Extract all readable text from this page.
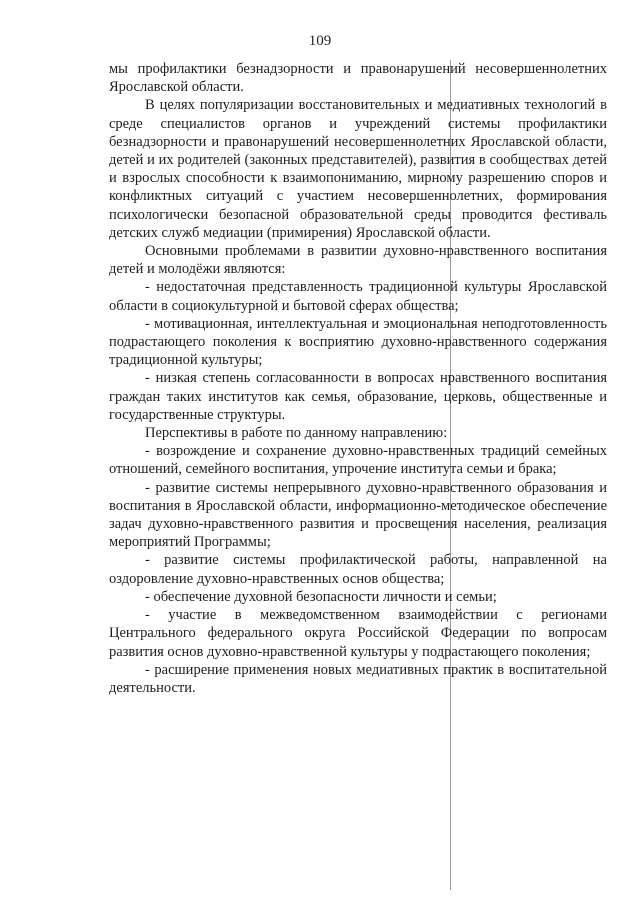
109

мы профилактики безнадзорности и правонарушений несовершеннолетних Ярославской области.

В целях популяризации восстановительных и медиативных технологий в среде специалистов органов и учреждений системы профилактики безнадзорности и правонарушений несовершеннолетних Ярославской области, детей и их родителей (законных представителей), развития в сообществах детей и взрослых способности к взаимопониманию, мирному разрешению споров и конфликтных ситуаций с участием несовершеннолетних, формирования психологически безопасной образовательной среды проводится фестиваль детских служб медиации (примирения) Ярославской области.

Основными проблемами в развитии духовно-нравственного воспитания детей и молодёжи являются:

- недостаточная представленность традиционной культуры Ярославской области в социокультурной и бытовой сферах общества;

- мотивационная, интеллектуальная и эмоциональная неподготовленность подрастающего поколения к восприятию духовно-нравственного содержания традиционной культуры;

- низкая степень согласованности в вопросах нравственного воспитания граждан таких институтов как семья, образование, церковь, общественные и государственные структуры.

Перспективы в работе по данному направлению:

- возрождение и сохранение духовно-нравственных традиций семейных отношений, семейного воспитания, упрочение института семьи и брака;

- развитие системы непрерывного духовно-нравственного образования и воспитания в Ярославской области, информационно-методическое обеспечение задач духовно-нравственного развития и просвещения населения, реализация мероприятий Программы;

- развитие системы профилактической работы, направленной на оздоровление духовно-нравственных основ общества;

- обеспечение духовной безопасности личности и семьи;

- участие в межведомственном взаимодействии с регионами Центрального федерального округа Российской Федерации по вопросам развития основ духовно-нравственной культуры у подрастающего поколения;

- расширение применения новых медиативных практик в воспитательной деятельности.
